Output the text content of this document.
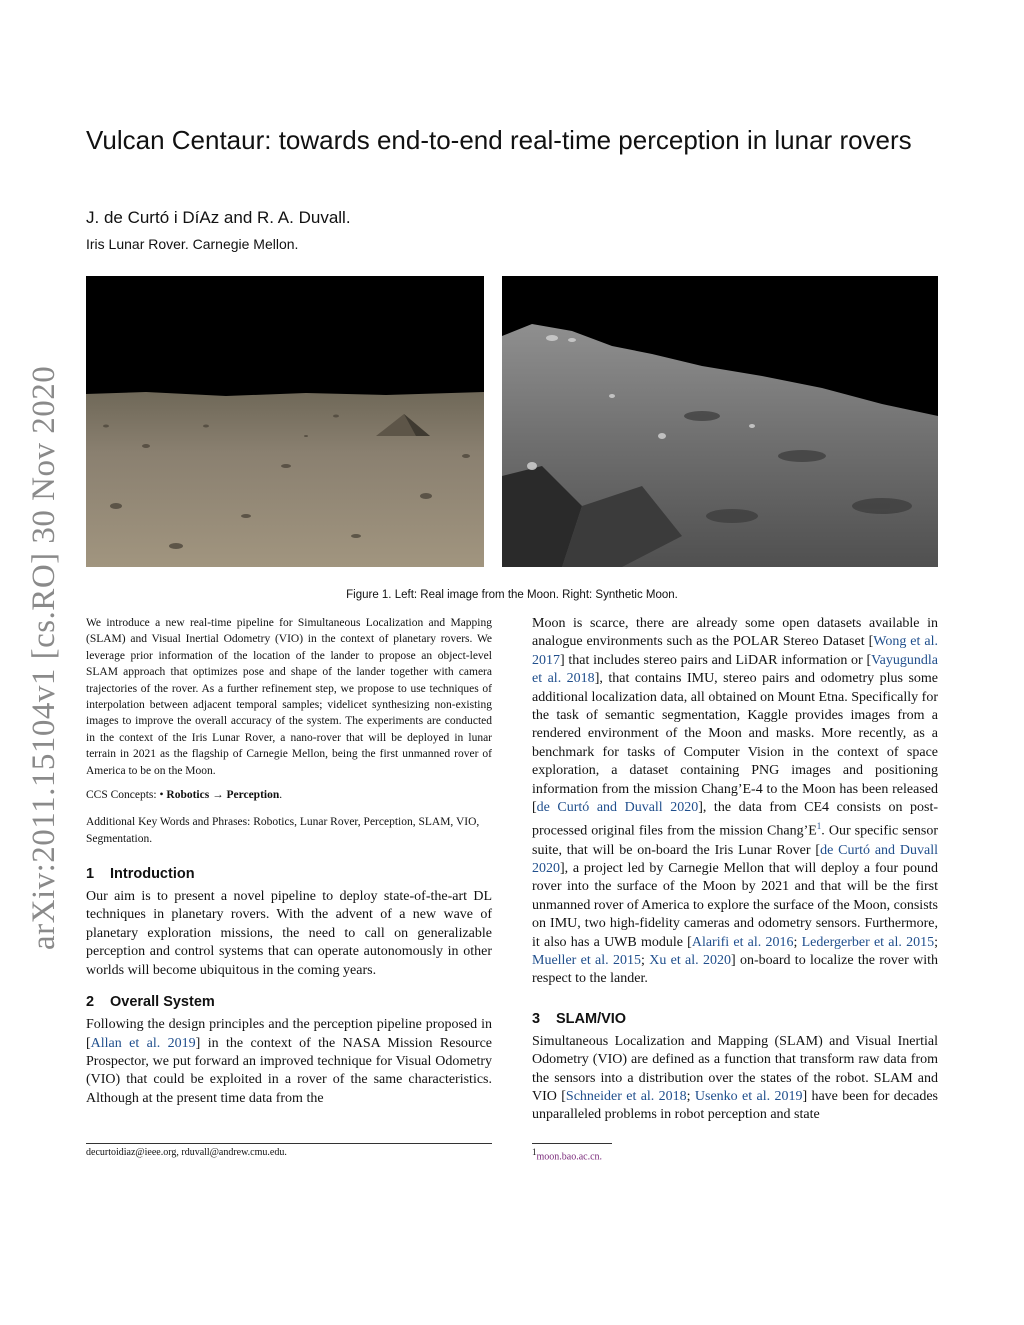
arXiv:2011.15104v1 [cs.RO] 30 Nov 2020
Vulcan Centaur: towards end-to-end real-time perception in lunar rovers
J. de Curtó i DíAz and R. A. Duvall.
Iris Lunar Rover. Carnegie Mellon.
Figure 1. Left: Real image from the Moon. Right: Synthetic Moon.

We introduce a new real-time pipeline for Simultaneous Localization and Mapping (SLAM) and Visual Inertial Odometry (VIO) in the context of planetary rovers. We leverage prior information of the location of the lander to propose an object-level SLAM approach that optimizes pose and shape of the lander together with camera trajectories of the rover. As a further refinement step, we propose to use techniques of interpolation between adjacent temporal samples; videlicet synthesizing non-existing images to improve the overall accuracy of the system. The experiments are conducted in the context of the Iris Lunar Rover, a nano-rover that will be deployed in lunar terrain in 2021 as the flagship of Carnegie Mellon, being the first unmanned rover of America to be on the Moon.

CCS Concepts: • Robotics → Perception.

Additional Key Words and Phrases: Robotics, Lunar Rover, Perception, SLAM, VIO, Segmentation.

1 Introduction

Our aim is to present a novel pipeline to deploy state-of-the-art DL techniques in planetary rovers. With the advent of a new wave of planetary exploration missions, the need to call on generalizable perception and control systems that can operate autonomously in other worlds will become ubiquitous in the coming years.

2 Overall System

Following the design principles and the perception pipeline proposed in [Allan et al. 2019] in the context of the NASA Mission Resource Prospector, we put forward an improved technique for Visual Odometry (VIO) that could be exploited in a rover of the same characteristics. Although at the present time data from the

Moon is scarce, there are already some open datasets available in analogue environments such as the POLAR Stereo Dataset [Wong et al. 2017] that includes stereo pairs and LiDAR information or [Vayugundla et al. 2018], that contains IMU, stereo pairs and odometry plus some additional localization data, all obtained on Mount Etna. Specifically for the task of semantic segmentation, Kaggle provides images from a rendered environment of the Moon and masks. More recently, as a benchmark for tasks of Computer Vision in the context of space exploration, a dataset containing PNG images and positioning information from the mission Chang’E-4 to the Moon has been released [de Curtó and Duvall 2020], the data from CE4 consists on post-processed original files from the mission $Chang’E^1$. Our specific sensor suite, that will be on-board the Iris Lunar Rover [de Curtó and Duvall 2020], a project led by Carnegie Mellon that will deploy a four pound rover into the surface of the Moon by 2021 and that will be the first unmanned rover of America to explore the surface of the Moon, consists on IMU, two high-fidelity cameras and odometry sensors. Furthermore, it also has a UWB module [Alarifi et al. 2016; Ledergerber et al. 2015; Mueller et al. 2015; Xu et al. 2020] on-board to localize the rover with respect to the lander.

3 SLAM/VIO

Simultaneous Localization and Mapping (SLAM) and Visual Inertial Odometry (VIO) are defined as a function that transform raw data from the sensors into a distribution over the states of the robot. SLAM and VIO [Schneider et al. 2018; Usenko et al. 2019] have been for decades unparalleled problems in robot perception and state

decurtoidiaz@ieee.org, rduvall@andrew.cmu.edu.	$^1$moon.bao.ac.cn.
